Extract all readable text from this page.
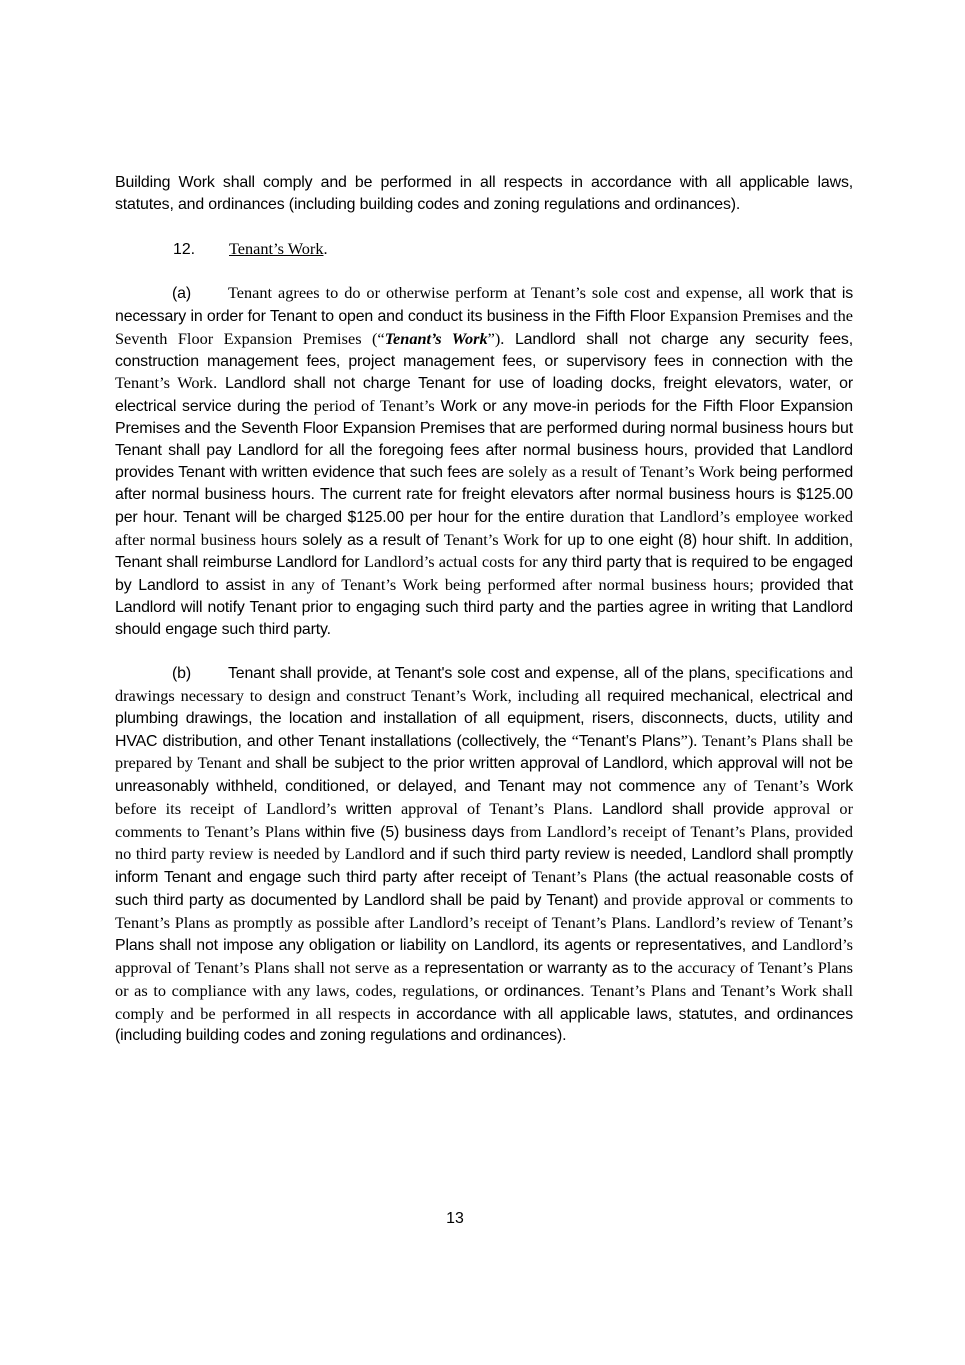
Building Work shall comply and be performed in all respects in accordance with all applicable laws, statutes, and ordinances (including building codes and zoning regulations and ordinances).

12. Tenant’s Work.

(a) Tenant agrees to do or otherwise perform at Tenant’s sole cost and expense, all work that is necessary in order for Tenant to open and conduct its business in the Fifth Floor Expansion Premises and the Seventh Floor Expansion Premises (“Tenant’s Work”). Landlord shall not charge any security fees, construction management fees, project management fees, or supervisory fees in connection with the Tenant’s Work. Landlord shall not charge Tenant for use of loading docks, freight elevators, water, or electrical service during the period of Tenant’s Work or any move-in periods for the Fifth Floor Expansion Premises and the Seventh Floor Expansion Premises that are performed during normal business hours but Tenant shall pay Landlord for all the foregoing fees after normal business hours, provided that Landlord provides Tenant with written evidence that such fees are solely as a result of Tenant’s Work being performed after normal business hours. The current rate for freight elevators after normal business hours is $125.00 per hour. Tenant will be charged $125.00 per hour for the entire duration that Landlord’s employee worked after normal business hours solely as a result of Tenant’s Work for up to one eight (8) hour shift. In addition, Tenant shall reimburse Landlord for Landlord’s actual costs for any third party that is required to be engaged by Landlord to assist in any of Tenant’s Work being performed after normal business hours; provided that Landlord will notify Tenant prior to engaging such third party and the parties agree in writing that Landlord should engage such third party.

(b) Tenant shall provide, at Tenant's sole cost and expense, all of the plans, specifications and drawings necessary to design and construct Tenant’s Work, including all required mechanical, electrical and plumbing drawings, the location and installation of all equipment, risers, disconnects, ducts, utility and HVAC distribution, and other Tenant installations (collectively, the “Tenant’s Plans”). Tenant’s Plans shall be prepared by Tenant and shall be subject to the prior written approval of Landlord, which approval will not be unreasonably withheld, conditioned, or delayed, and Tenant may not commence any of Tenant’s Work before its receipt of Landlord’s written approval of Tenant’s Plans. Landlord shall provide approval or comments to Tenant’s Plans within five (5) business days from Landlord’s receipt of Tenant’s Plans, provided no third party review is needed by Landlord and if such third party review is needed, Landlord shall promptly inform Tenant and engage such third party after receipt of Tenant’s Plans (the actual reasonable costs of such third party as documented by Landlord shall be paid by Tenant) and provide approval or comments to Tenant’s Plans as promptly as possible after Landlord’s receipt of Tenant’s Plans. Landlord’s review of Tenant’s Plans shall not impose any obligation or liability on Landlord, its agents or representatives, and Landlord’s approval of Tenant’s Plans shall not serve as a representation or warranty as to the accuracy of Tenant’s Plans or as to compliance with any laws, codes, regulations, or ordinances. Tenant’s Plans and Tenant’s Work shall comply and be performed in all respects in accordance with all applicable laws, statutes, and ordinances (including building codes and zoning regulations and ordinances).

13
